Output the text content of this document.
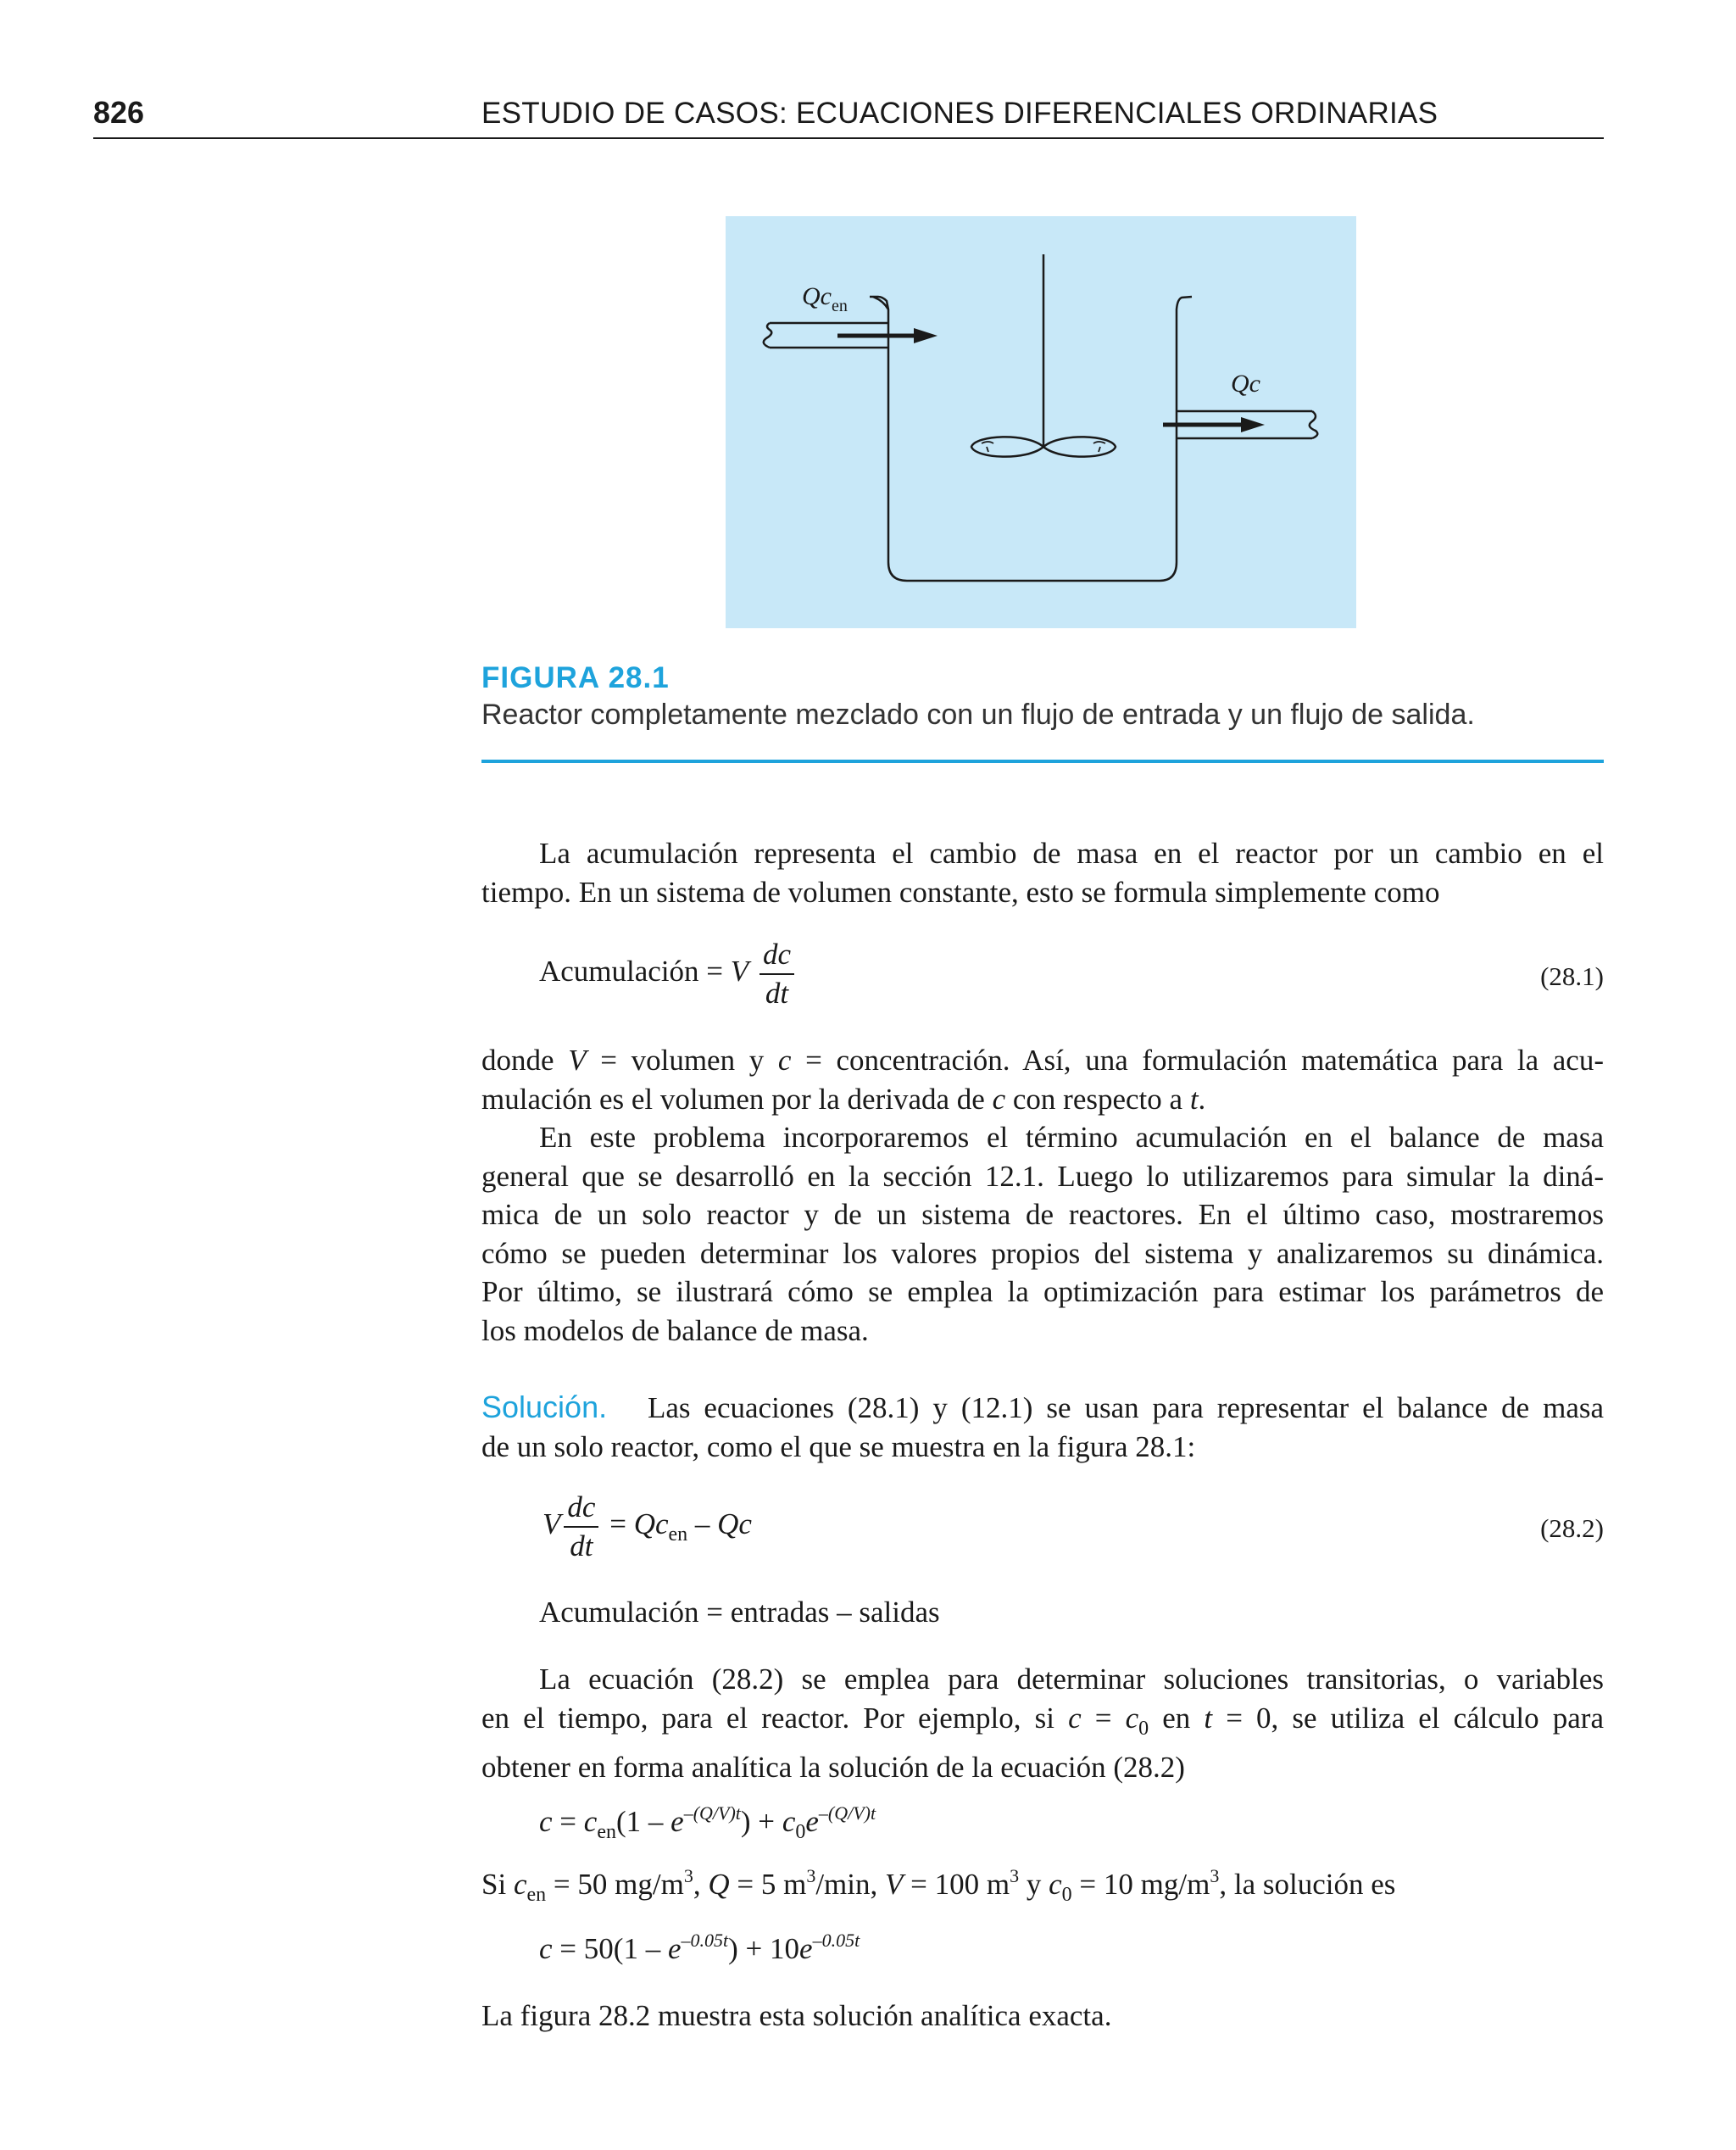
826	ESTUDIO DE CASOS: ECUACIONES DIFERENCIALES ORDINARIAS
$Qc_{en}$
Qc
FIGURA 28.1
Reactor completamente mezclado con un flujo de entrada y un flujo de salida.
La acumulación representa el cambio de masa en el reactor por un cambio en el
tiempo. En un sistema de volumen constante, esto se formula simplemente como
Acumulación = V $\frac{dc}{dt}$	(28.1)
donde V = volumen y c = concentración. Así, una formulación matemática para la acu-
mulación es el volumen por la derivada de c con respecto a t.
En este problema incorporaremos el término acumulación en el balance de masa
general que se desarrolló en la sección 12.1. Luego lo utilizaremos para simular la diná-
mica de un solo reactor y de un sistema de reactores. En el último caso, mostraremos
cómo se pueden determinar los valores propios del sistema y analizaremos su dinámica.
Por último, se ilustrará cómo se emplea la optimización para estimar los parámetros de
los modelos de balance de masa.
Solución. Las ecuaciones (28.1) y (12.1) se usan para representar el balance de masa
de un solo reactor, como el que se muestra en la figura 28.1:
V $\frac{dc}{dt} = Qc_{en} - Qc$	(28.2)
Acumulación = entradas – salidas
La ecuación (28.2) se emplea para determinar soluciones transitorias, o variables
en el tiempo, para el reactor. Por ejemplo, si $c = c_0$ en t = 0, se utiliza el cálculo para
obtener en forma analítica la solución de la ecuación (28.2)
$c = c_{en}(1 - e^{-(Q/V)t}) + c_0e^{-(Q/V)t}$
Si $c_{en} = 50$ $mg/m^3$, Q = 5 $m^3/\min$, V = 100 $m^3$ y $c_0 = 10$ $mg/m^3$, la solución es
$c = 50(1 - e^{-0.05t}) + 10e^{-0.05t}$
La figura 28.2 muestra esta solución analítica exacta.
